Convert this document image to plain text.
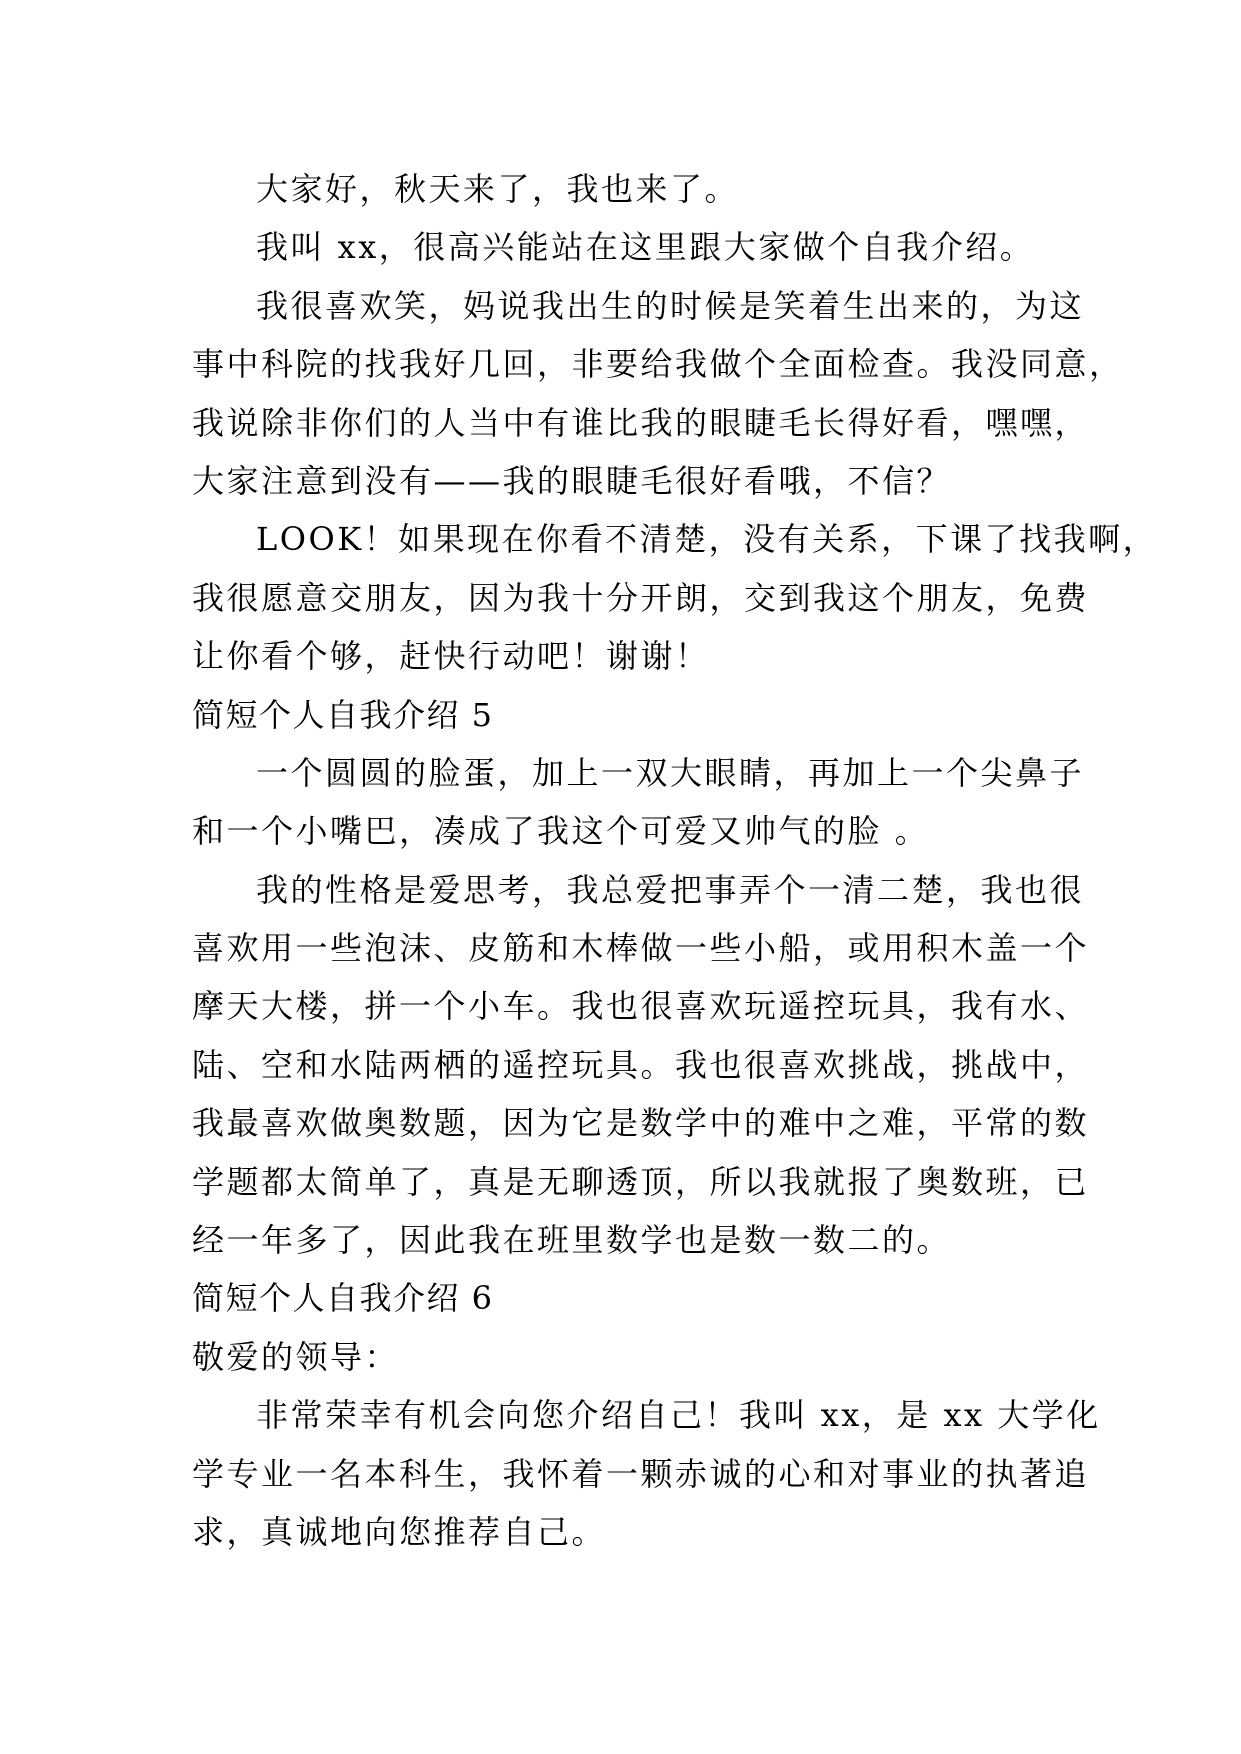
大家好，秋天来了，我也来了。
我叫 xx，很高兴能站在这里跟大家做个自我介绍。
我很喜欢笑，妈说我出生的时候是笑着生出来的，为这
事中科院的找我好几回，非要给我做个全面检查。我没同意，
我说除非你们的人当中有谁比我的眼睫毛长得好看，嘿嘿，
大家注意到没有——我的眼睫毛很好看哦，不信？
LOOK！如果现在你看不清楚，没有关系，下课了找我啊，
我很愿意交朋友，因为我十分开朗，交到我这个朋友，免费
让你看个够，赶快行动吧！谢谢！
简短个人自我介绍 5
一个圆圆的脸蛋，加上一双大眼睛，再加上一个尖鼻子
和一个小嘴巴，凑成了我这个可爱又帅气的脸 。
我的性格是爱思考，我总爱把事弄个一清二楚，我也很
喜欢用一些泡沫、皮筋和木棒做一些小船，或用积木盖一个
摩天大楼，拼一个小车。我也很喜欢玩遥控玩具，我有水、
陆、空和水陆两栖的遥控玩具。我也很喜欢挑战，挑战中，
我最喜欢做奥数题，因为它是数学中的难中之难，平常的数
学题都太简单了，真是无聊透顶，所以我就报了奥数班，已
经一年多了，因此我在班里数学也是数一数二的。
简短个人自我介绍 6
敬爱的领导：
非常荣幸有机会向您介绍自己！我叫 xx，是 xx 大学化
学专业一名本科生，我怀着一颗赤诚的心和对事业的执著追
求，真诚地向您推荐自己。
